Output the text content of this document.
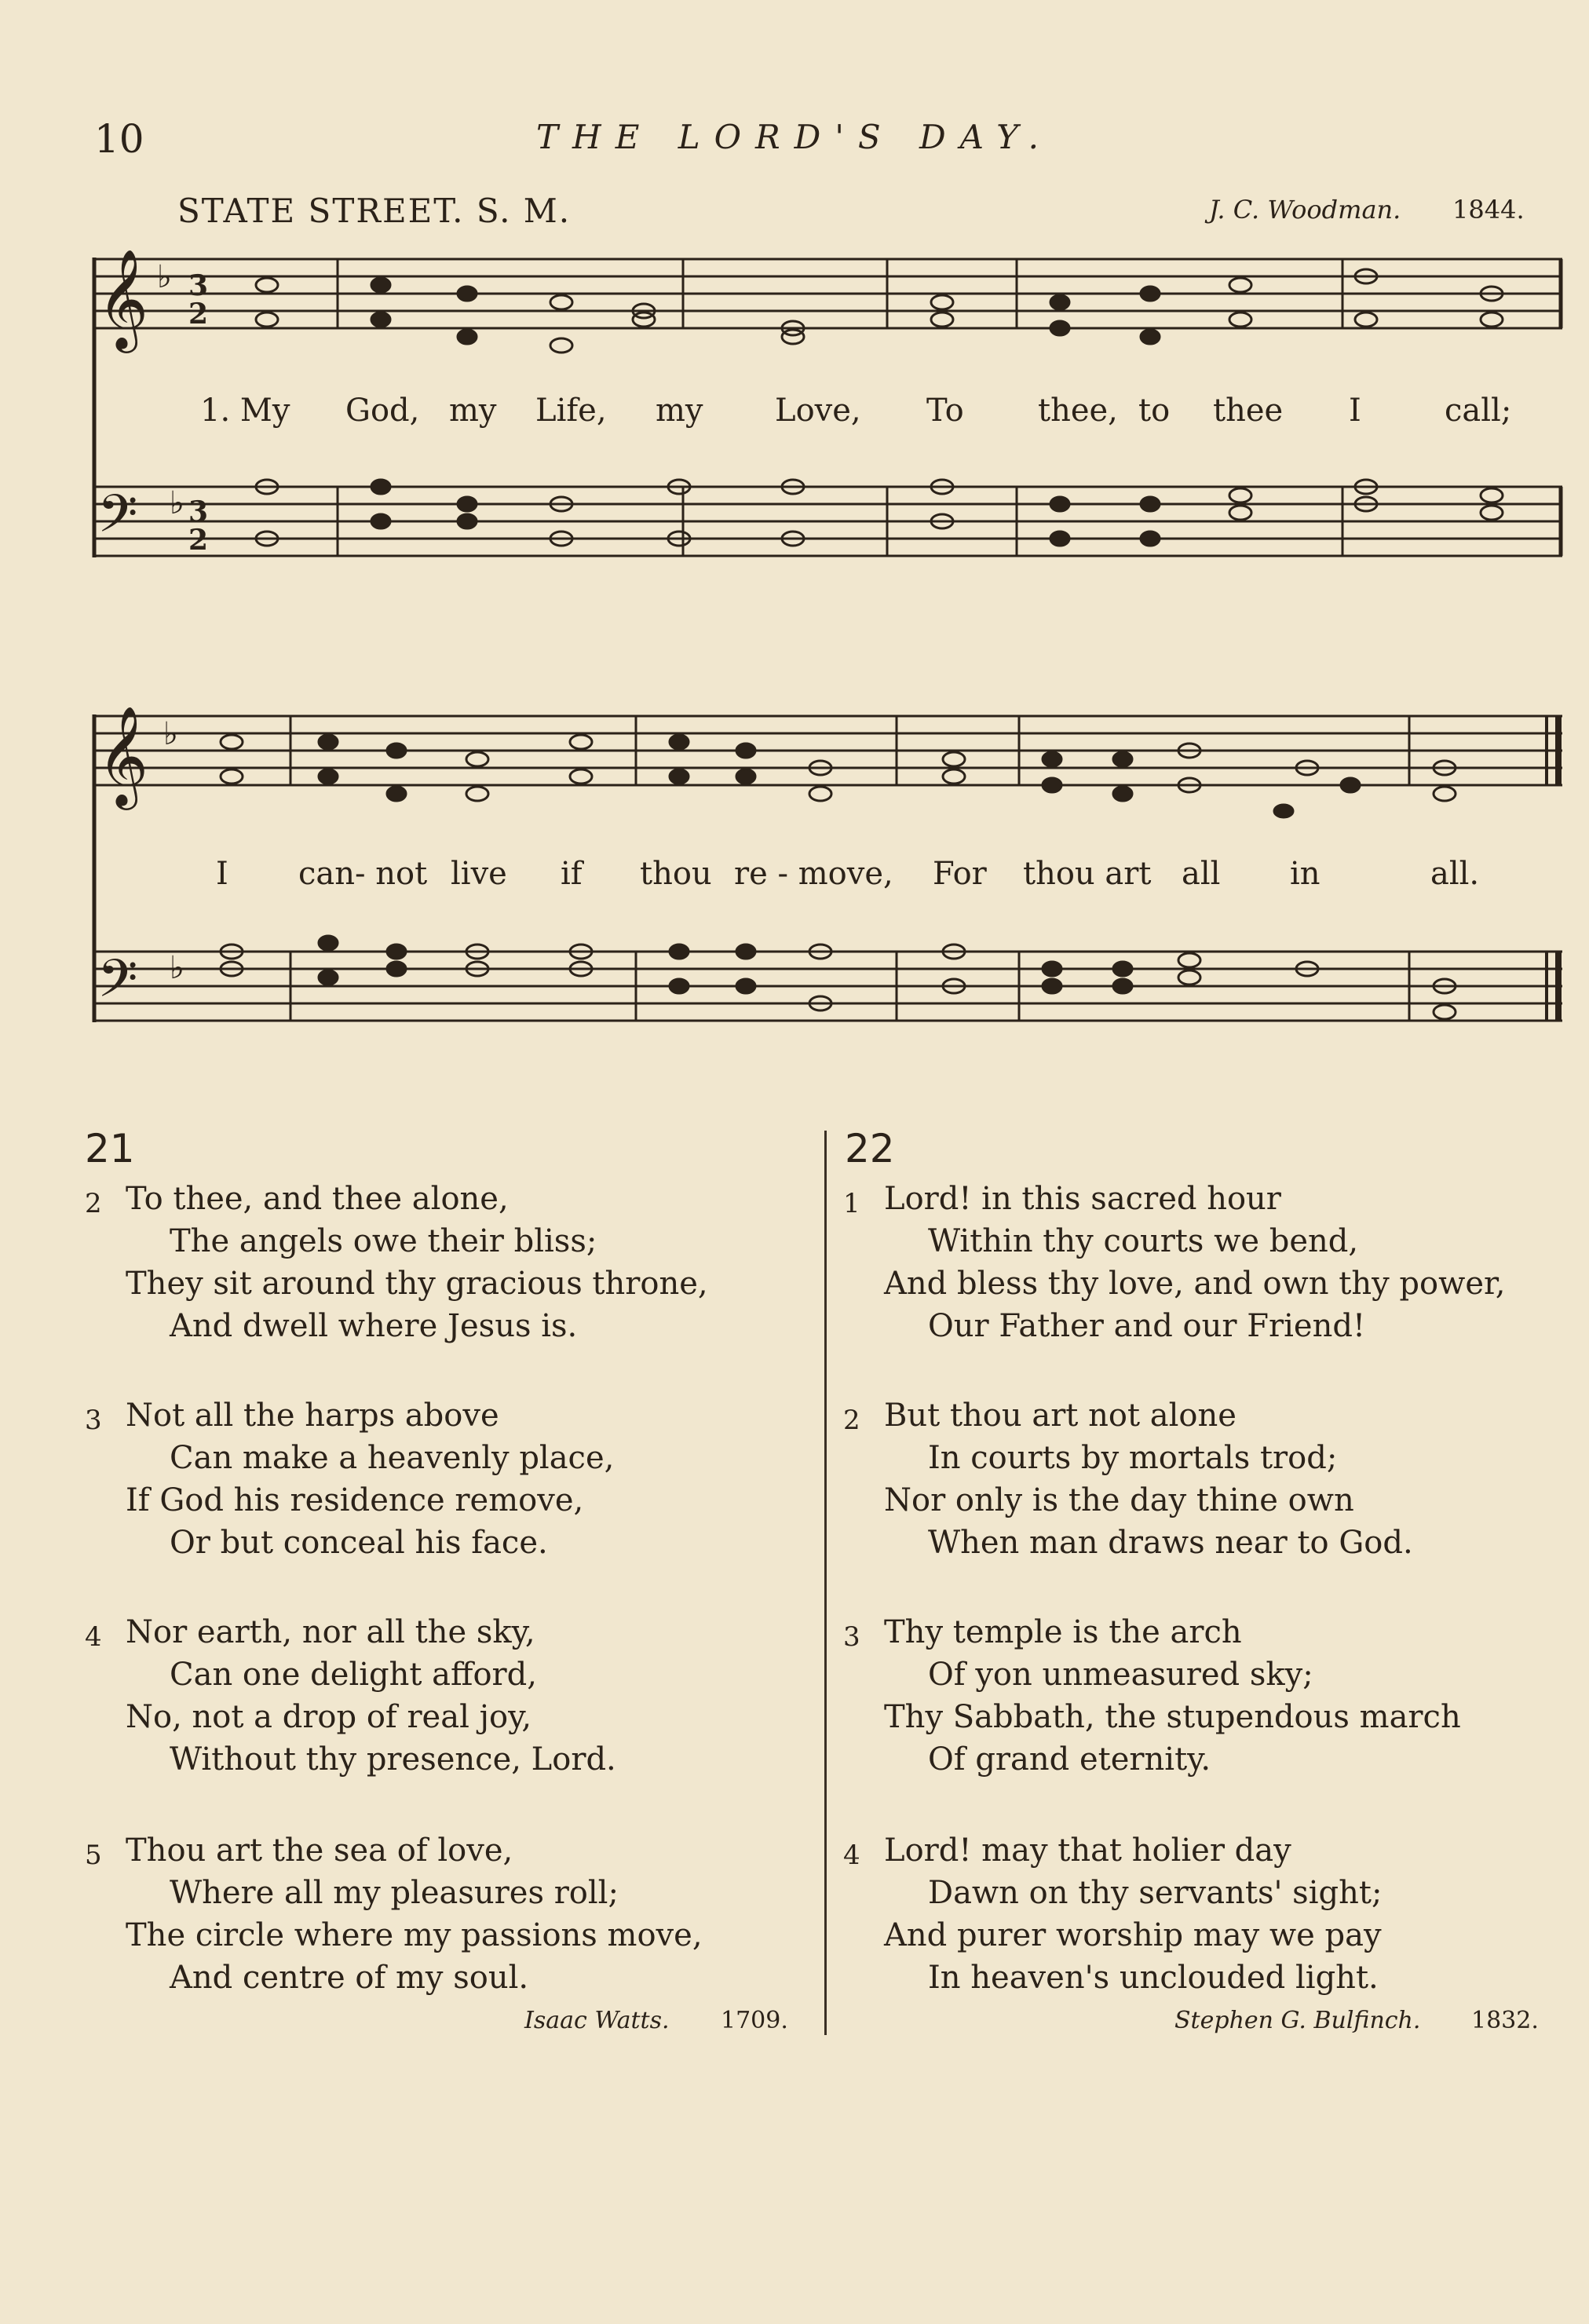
10	THE LORD'S DAY.
STATE STREET. S. M.	J. C. Woodman. 1844.
𝄞
𝄢
♭
♭
3
2
3
2
1. My God, my Life, my Love, To thee, to thee I	call;
𝄞
𝄢
♭
♭
I can- not live if thou re - move, For thou art all in	all.
21
2 To thee, and thee alone,
The angels owe their bliss;
They sit around thy gracious throne,
And dwell where Jesus is.
3 Not all the harps above
Can make a heavenly place,
If God his residence remove,
Or but conceal his face.
4 Nor earth, nor all the sky,
Can one delight afford,
No, not a drop of real joy,
Without thy presence, Lord.
5 Thou art the sea of love,
Where all my pleasures roll;
The circle where my passions move,
And centre of my soul.
Isaac Watts. 1709.
22
1 Lord! in this sacred hour
Within thy courts we bend,
And bless thy love, and own thy power,
Our Father and our Friend!
2 But thou art not alone
In courts by mortals trod;
Nor only is the day thine own
When man draws near to God.
3 Thy temple is the arch
Of yon unmeasured sky;
Thy Sabbath, the stupendous march
Of grand eternity.
4 Lord! may that holier day
Dawn on thy servants' sight;
And purer worship may we pay
In heaven's unclouded light.
Stephen G. Bulfinch. 1832.
